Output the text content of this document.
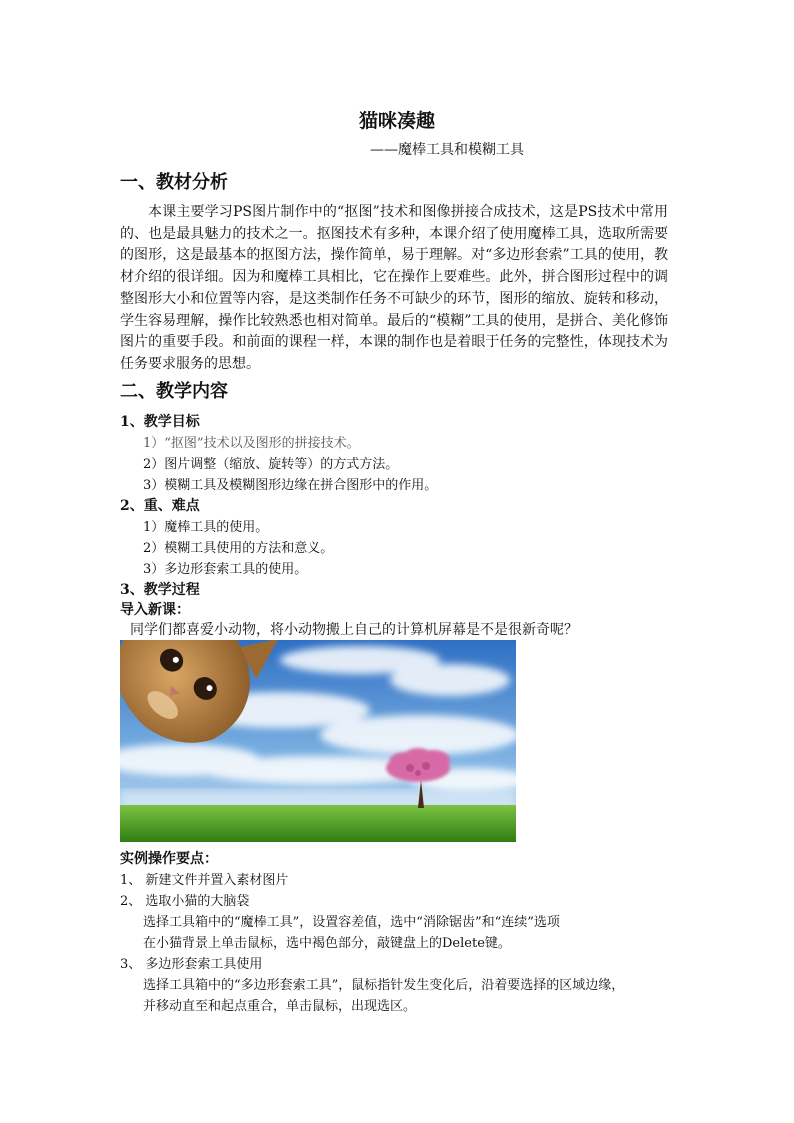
猫咪凑趣
——魔棒工具和模糊工具
一、教材分析

本课主要学习PS图片制作中的“抠图”技术和图像拼接合成技术，这是PS技术中常用的、也是最具魅力的技术之一。抠图技术有多种，本课介绍了使用魔棒工具，选取所需要的图形，这是最基本的抠图方法，操作简单，易于理解。对“多边形套索”工具的使用，教材介绍的很详细。因为和魔棒工具相比，它在操作上要难些。此外，拼合图形过程中的调整图形大小和位置等内容，是这类制作任务不可缺少的环节，图形的缩放、旋转和移动，学生容易理解，操作比较熟悉也相对简单。最后的“模糊”工具的使用，是拼合、美化修饰图片的重要手段。和前面的课程一样，本课的制作也是着眼于任务的完整性，体现技术为任务要求服务的思想。

二、教学内容
1、教学目标
1）“抠图”技术以及图形的拼接技术。
2）图片调整（缩放、旋转等）的方式方法。
3）模糊工具及模糊图形边缘在拼合图形中的作用。
2、重、难点
1）魔棒工具的使用。
2）模糊工具使用的方法和意义。
3）多边形套索工具的使用。
3、教学过程
导入新课：
同学们都喜爱小动物，将小动物搬上自己的计算机屏幕是不是很新奇呢？
实例操作要点：
1、 新建文件并置入素材图片
2、 选取小猫的大脑袋
选择工具箱中的“魔棒工具”，设置容差值，选中“消除锯齿”和“连续”选项
在小猫背景上单击鼠标，选中褐色部分，敲键盘上的Delete键。
3、 多边形套索工具使用
选择工具箱中的“多边形套索工具”，鼠标指针发生变化后，沿着要选择的区域边缘，
并移动直至和起点重合，单击鼠标，出现选区。
